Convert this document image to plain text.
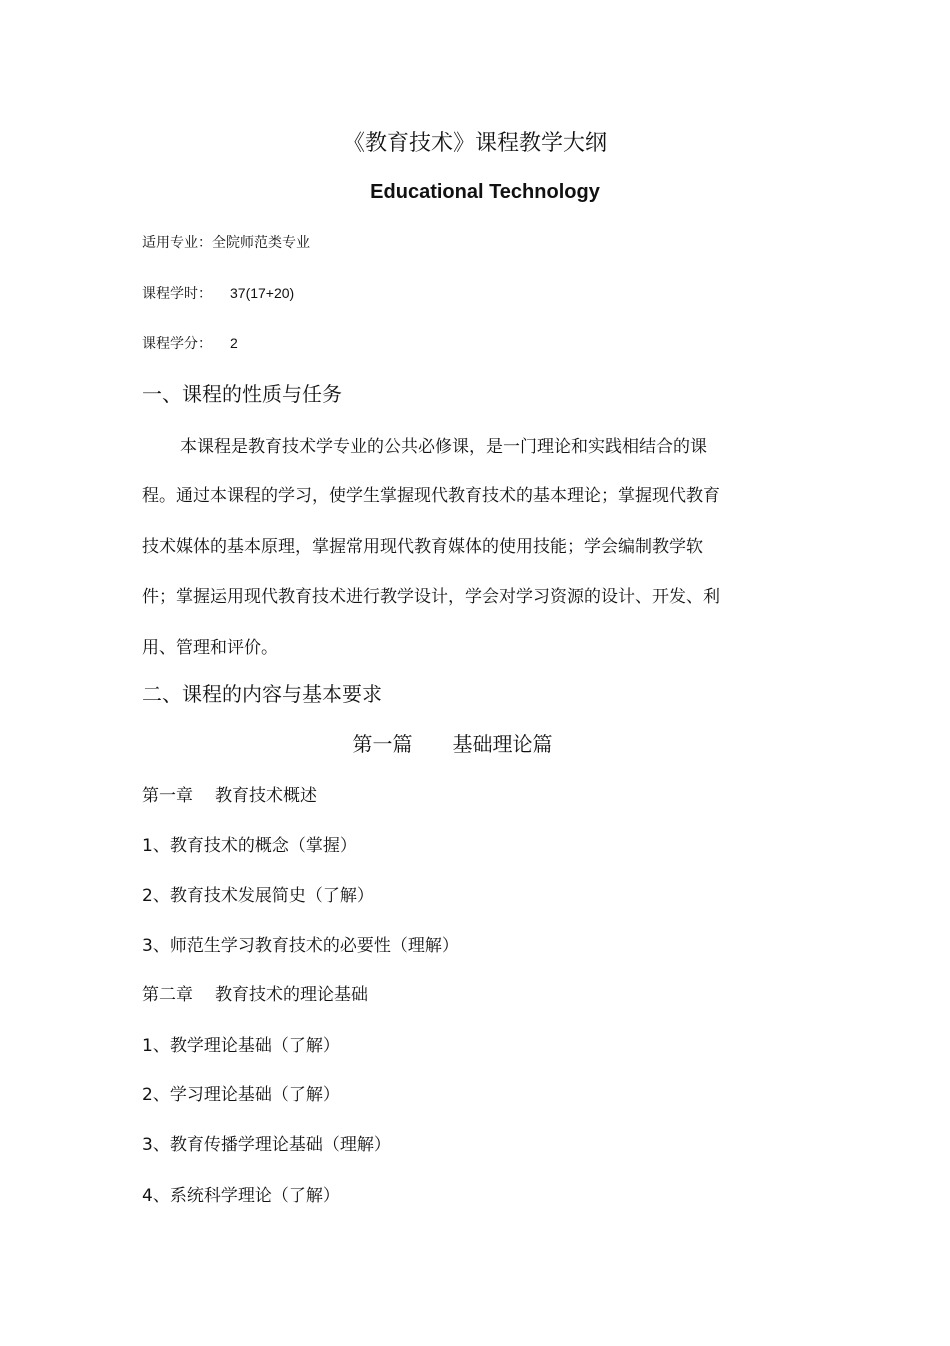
《教育技术》课程教学大纲
Educational Technology
适用专业：全院师范类专业
课程学时： 37(17+20)
课程学分： 2
一、课程的性质与任务
本课程是教育技术学专业的公共必修课，是一门理论和实践相结合的课
程。通过本课程的学习，使学生掌握现代教育技术的基本理论；掌握现代教育
技术媒体的基本原理，掌握常用现代教育媒体的使用技能；学会编制教学软
件；掌握运用现代教育技术进行教学设计，学会对学习资源的设计、开发、利
用、管理和评价。
二、课程的内容与基本要求
第一篇 基础理论篇
第一章 教育技术概述
1、教育技术的概念（掌握）
2、教育技术发展简史（了解）
3、师范生学习教育技术的必要性（理解）
第二章 教育技术的理论基础
1、教学理论基础（了解）
2、学习理论基础（了解）
3、教育传播学理论基础（理解）
4、系统科学理论（了解）
